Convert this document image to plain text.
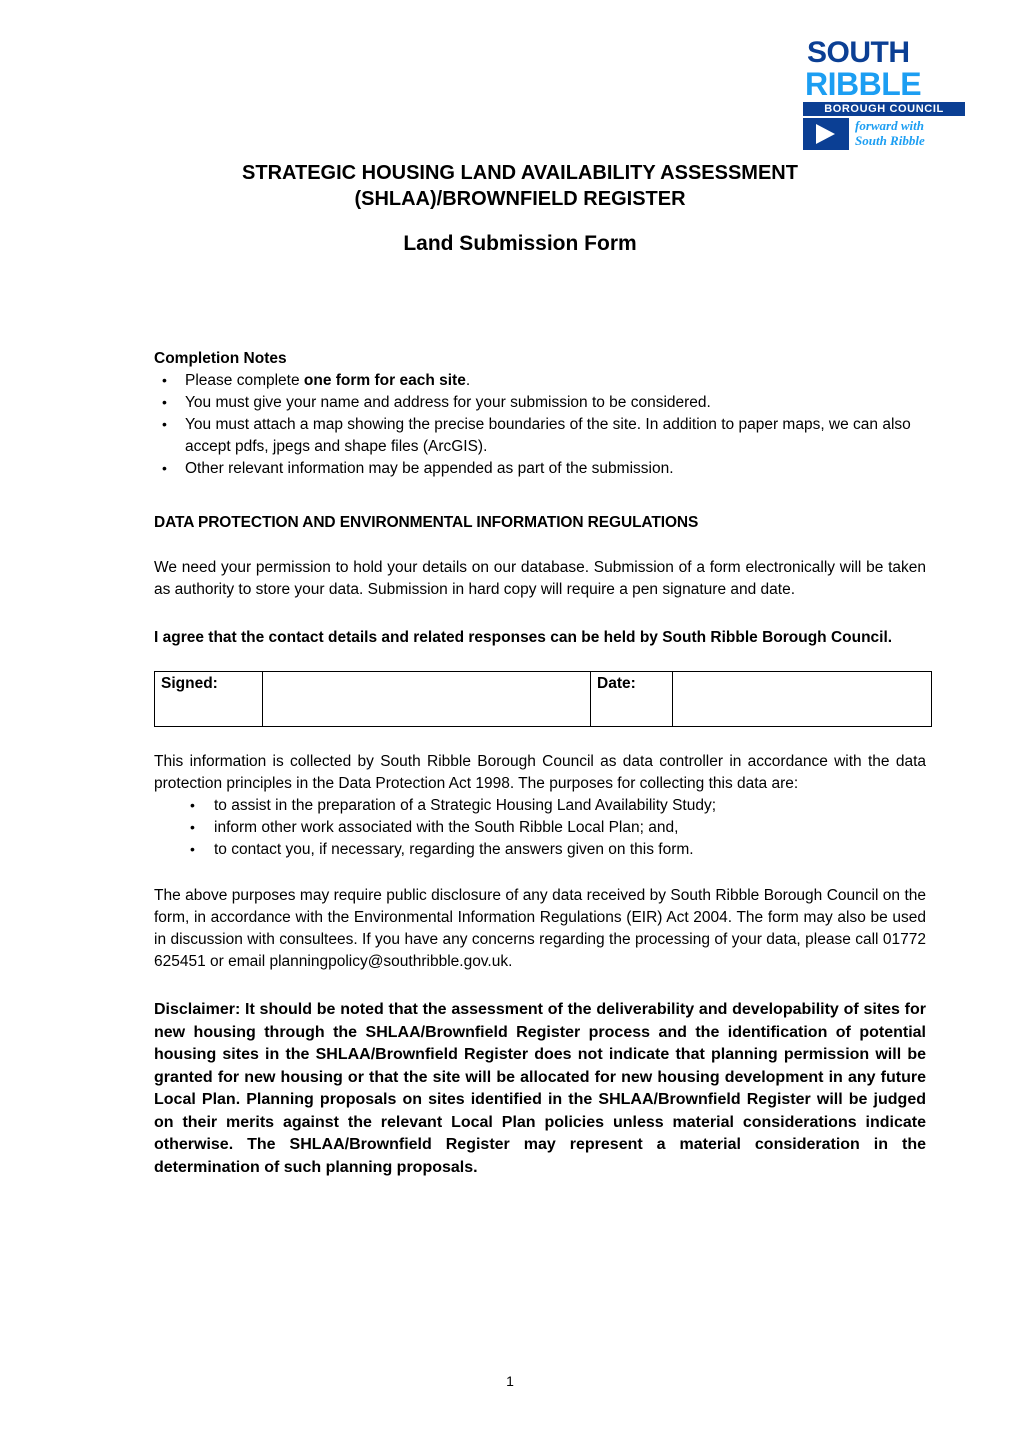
SOUTH
RIBBLE
BOROUGH COUNCIL
forward with
South Ribble
STRATEGIC HOUSING LAND AVAILABILITY ASSESSMENT
(SHLAA)/BROWNFIELD REGISTER
Land Submission Form
Completion Notes
• Please complete one form for each site.
• You must give your name and address for your submission to be considered.
• You must attach a map showing the precise boundaries of the site. In addition to paper maps, we can also accept pdfs, jpegs and shape files (ArcGIS).
• Other relevant information may be appended as part of the submission.
DATA PROTECTION AND ENVIRONMENTAL INFORMATION REGULATIONS

We need your permission to hold your details on our database. Submission of a form electronically will be taken as authority to store your data. Submission in hard copy will require a pen signature and date.

I agree that the contact details and related responses can be held by South Ribble Borough Council.

Signed:		Date:	

This information is collected by South Ribble Borough Council as data controller in accordance with the data protection principles in the Data Protection Act 1998. The purposes for collecting this data are:

• to assist in the preparation of a Strategic Housing Land Availability Study;
• inform other work associated with the South Ribble Local Plan; and,
• to contact you, if necessary, regarding the answers given on this form.

The above purposes may require public disclosure of any data received by South Ribble Borough Council on the form, in accordance with the Environmental Information Regulations (EIR) Act 2004. The form may also be used in discussion with consultees. If you have any concerns regarding the processing of your data, please call 01772 625451 or email planningpolicy@southribble.gov.uk.

Disclaimer: It should be noted that the assessment of the deliverability and developability of sites for new housing through the SHLAA/Brownfield Register process and the identification of potential housing sites in the SHLAA/Brownfield Register does not indicate that planning permission will be granted for new housing or that the site will be allocated for new housing development in any future Local Plan. Planning proposals on sites identified in the SHLAA/Brownfield Register will be judged on their merits against the relevant Local Plan policies unless material considerations indicate otherwise. The SHLAA/Brownfield Register may represent a material consideration in the determination of such planning proposals.

1
